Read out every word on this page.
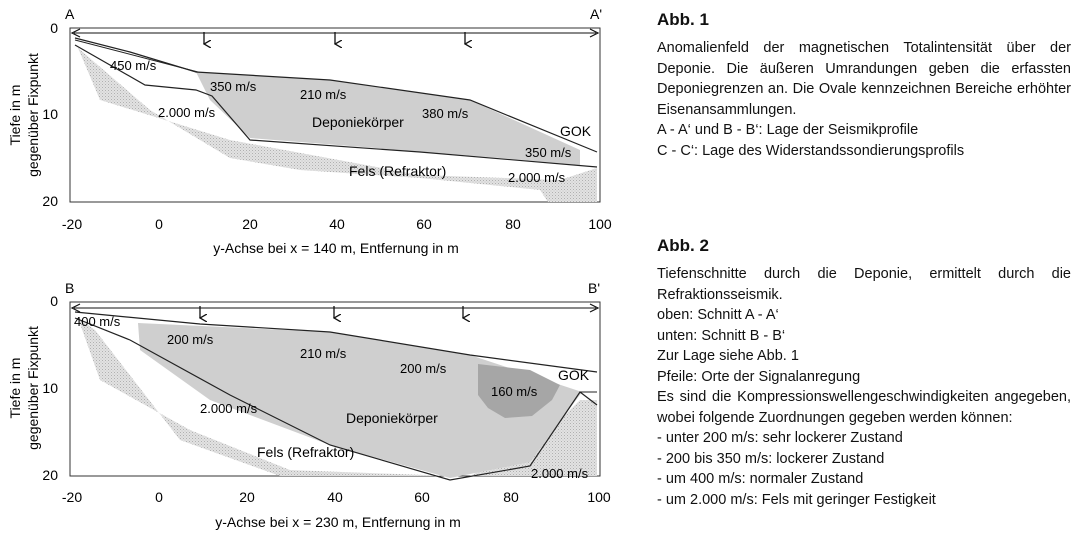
A	A'
Tiefe in m gegenüber Fixpunkt
0
10
20
-20	0	20	40	60	80	100
y-Achse bei x = 140 m, Entfernung in m
450 m/s
350 m/s
210 m/s
380 m/s
2.000 m/s
Deponiekörper
GOK
350 m/s
Fels (Refraktor)	2.000 m/s
B	B'
Tiefe in m gegenüber Fixpunkt
0
10
20
-20	0	20	40	60	80	100
y-Achse bei x = 230 m, Entfernung in m
400 m/s
200 m/s
210 m/s
200 m/s
160 m/s
GOK
2.000 m/s
Deponiekörper
Fels (Refraktor)
2.000 m/s
Abb. 1

Anomalienfeld der magnetischen Totalintensität über der Deponie. Die äußeren Umrandungen geben die erfassten Deponiegrenzen an. Die Ovale kennzeichnen Bereiche erhöhter Eisenansammlungen.

A - A‘ und B - B‘: Lage der Seismikprofile

C - C‘: Lage des Widerstandssondierungsprofils

Abb. 2

Tiefenschnitte durch die Deponie, ermittelt durch die Refraktionsseismik.

oben: Schnitt A - A‘

unten: Schnitt B - B‘

Zur Lage siehe Abb. 1

Pfeile: Orte der Signalanregung

Es sind die Kompressionswellengeschwindigkeiten angegeben, wobei folgende Zuordnungen gegeben werden können:

- unter 200 m/s: sehr lockerer Zustand

- 200 bis 350 m/s: lockerer Zustand

- um 400 m/s: normaler Zustand

- um 2.000 m/s: Fels mit geringer Festigkeit
